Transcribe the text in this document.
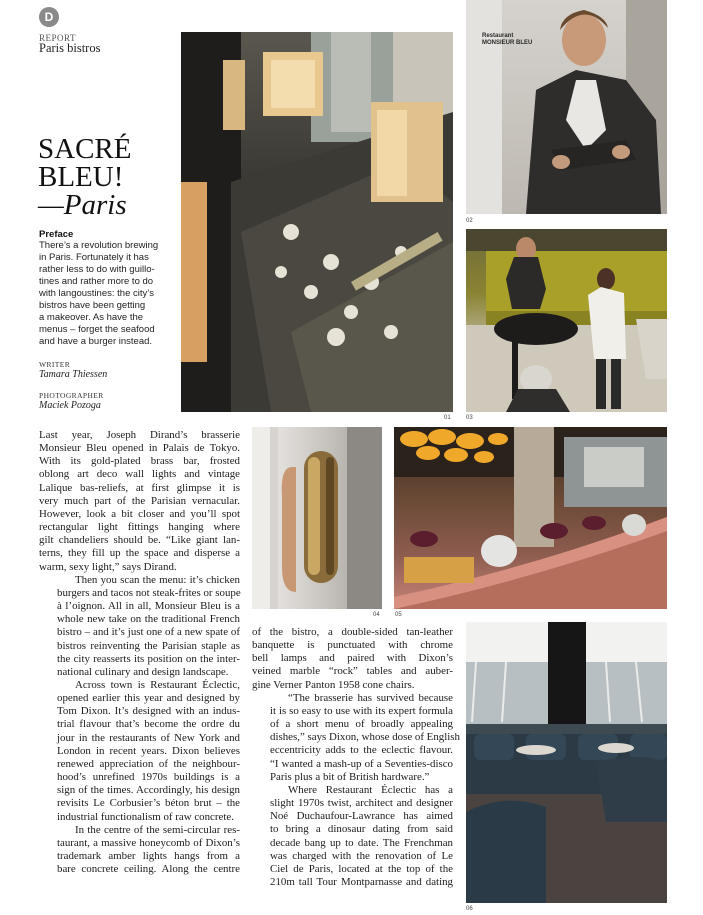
D
REPORT
Paris bistros
SACRÉ
BLEU!
—Paris
Preface
There’s a revolution brewing
in Paris. Fortunately it has
rather less to do with guillo-
tines and rather more to do
with langoustines: the city’s
bistros have been getting
a makeover. As have the
menus – forget the seafood
and have a burger instead.
WRITER
Tamara Thiessen
PHOTOGRAPHER
Maciek Pozoga
01
Restaurant
MONSIEUR BLEU
02
03
04	05
06

Last year, Joseph Dirand’s brasserie
Monsieur Bleu opened in Palais de Tokyo.
With its gold-plated brass bar, frosted
oblong art deco wall lights and vintage
Lalique bas-reliefs, at first glimpse it is
very much part of the Parisian vernacular.
However, look a bit closer and you’ll spot
rectangular light fittings hanging where
gilt chandeliers should be. “Like giant lan-
terns, they fill up the space and disperse a
warm, sexy light,” says Dirand.

Then you scan the menu: it’s chicken
burgers and tacos not steak-frites or soupe
à l’oignon. All in all, Monsieur Bleu is a
whole new take on the traditional French
bistro – and it’s just one of a new spate of
bistros reinventing the Parisian staple as
the city reasserts its position on the inter-
national culinary and design landscape.

Across town is Restaurant Éclectic,
opened earlier this year and designed by
Tom Dixon. It’s designed with an indus-
trial flavour that’s become the ordre du
jour in the restaurants of New York and
London in recent years. Dixon believes
renewed appreciation of the neighbour-
hood’s unrefined 1970s buildings is a
sign of the times. Accordingly, his design
revisits Le Corbusier’s béton brut – the
industrial functionalism of raw concrete.

In the centre of the semi-circular res-
taurant, a massive honeycomb of Dixon’s
trademark amber lights hangs from a
bare concrete ceiling. Along the centre

of the bistro, a double-sided tan-leather
banquette is punctuated with chrome
bell lamps and paired with Dixon’s
veined marble “rock” tables and auber-
gine Verner Panton 1958 cone chairs.

“The brasserie has survived because
it is so easy to use with its expert formula
of a short menu of broadly appealing
dishes,” says Dixon, whose dose of English
eccentricity adds to the eclectic flavour.
“I wanted a mash-up of a Seventies-disco
Paris plus a bit of British hardware.”

Where Restaurant Éclectic has a
slight 1970s twist, architect and designer
Noé Duchaufour-Lawrance has aimed
to bring a dinosaur dating from said
decade bang up to date. The Frenchman
was charged with the renovation of Le
Ciel de Paris, located at the top of the
210m tall Tour Montparnasse and dating
